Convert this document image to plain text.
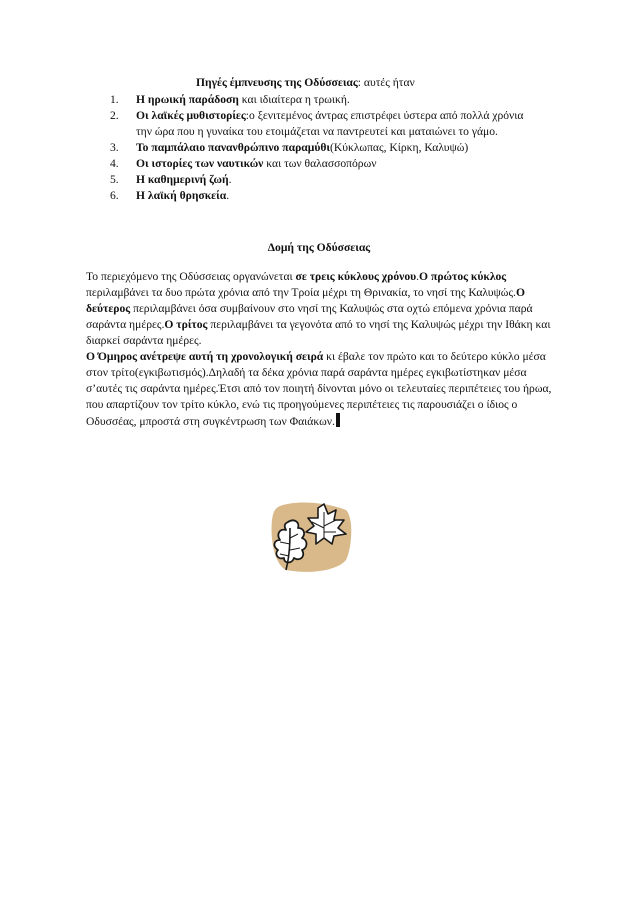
Πηγές έμπνευσης της Οδύσσειας: αυτές ήταν
1.	Η ηρωική παράδοση και ιδιαίτερα η τρωική.
2.	Οι λαϊκές μυθιστορίες:ο ξενιτεμένος άντρας επιστρέφει ύστερα από πολλά χρόνια την ώρα που η γυναίκα του ετοιμάζεται να παντρευτεί και ματαιώνει το γάμο.
3.	Το παμπάλαιο πανανθρώπινο παραμύθι(Κύκλωπας, Κίρκη, Καλυψώ)
4.	Οι ιστορίες των ναυτικών και των θαλασσοπόρων
5.	Η καθημερινή ζωή.
6.	Η λαϊκή θρησκεία.
Δομή της Οδύσσειας

Το περιεχόμενο της Οδύσσειας οργανώνεται σε τρεις κύκλους χρόνου.Ο πρώτος κύκλος περιλαμβάνει τα δυο πρώτα χρόνια από την Τροία μέχρι τη Θρινακία, το νησί της Καλυψώς.Ο δεύτερος περιλαμβάνει όσα συμβαίνουν στο νησί της Καλυψώς στα οχτώ επόμενα χρόνια παρά σαράντα ημέρες.Ο τρίτος περιλαμβάνει τα γεγονότα από το νησί της Καλυψώς μέχρι την Ιθάκη και διαρκεί σαράντα ημέρες.
Ο Όμηρος ανέτρεψε αυτή τη χρονολογική σειρά κι έβαλε τον πρώτο και το δεύτερο κύκλο μέσα στον τρίτο(εγκιβωτισμός).Δηλαδή τα δέκα χρόνια παρά σαράντα ημέρες εγκιβωτίστηκαν μέσα σ’αυτές τις σαράντα ημέρες.Έτσι από τον ποιητή δίνονται μόνο οι τελευταίες περιπέτειες του ήρωα, που απαρτίζουν τον τρίτο κύκλο, ενώ τις προηγούμενες περιπέτειες τις παρουσιάζει ο ίδιος ο Οδυσσέας, μπροστά στη συγκέντρωση των Φαιάκων.
